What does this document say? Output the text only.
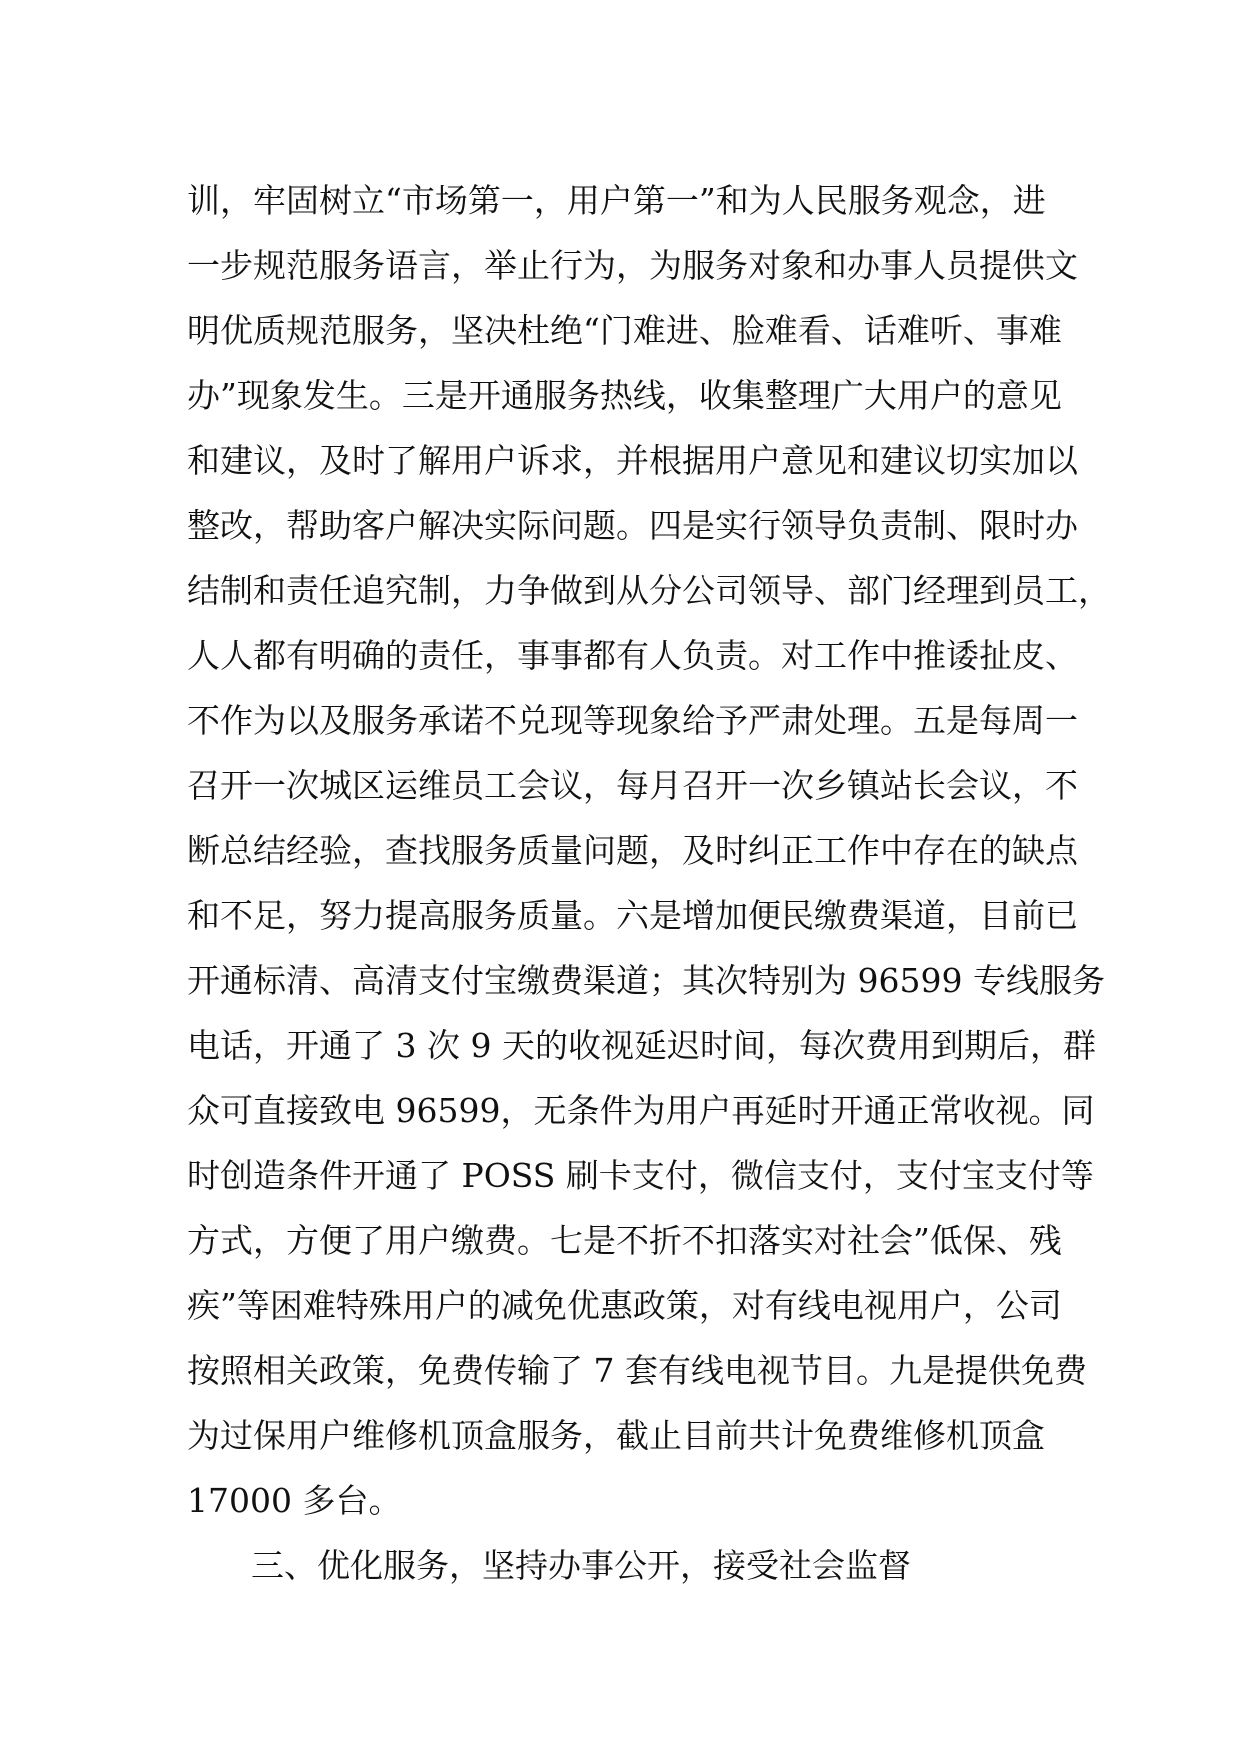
训，牢固树立“市场第一，用户第一”和为人民服务观念，进
一步规范服务语言，举止行为，为服务对象和办事人员提供文
明优质规范服务，坚决杜绝“门难进、脸难看、话难听、事难
办”现象发生。三是开通服务热线，收集整理广大用户的意见
和建议，及时了解用户诉求，并根据用户意见和建议切实加以
整改，帮助客户解决实际问题。四是实行领导负责制、限时办
结制和责任追究制，力争做到从分公司领导、部门经理到员工，
人人都有明确的责任，事事都有人负责。对工作中推诿扯皮、
不作为以及服务承诺不兑现等现象给予严肃处理。五是每周一
召开一次城区运维员工会议，每月召开一次乡镇站长会议，不
断总结经验，查找服务质量问题，及时纠正工作中存在的缺点
和不足，努力提高服务质量。六是增加便民缴费渠道，目前已
开通标清、高清支付宝缴费渠道；其次特别为 96599 专线服务
电话，开通了 3 次 9 天的收视延迟时间，每次费用到期后，群
众可直接致电 96599，无条件为用户再延时开通正常收视。同
时创造条件开通了 POSS 刷卡支付，微信支付，支付宝支付等
方式，方便了用户缴费。七是不折不扣落实对社会”低保、残
疾”等困难特殊用户的减免优惠政策，对有线电视用户，公司
按照相关政策，免费传输了 7 套有线电视节目。九是提供免费
为过保用户维修机顶盒服务，截止目前共计免费维修机顶盒
17000 多台。
三、优化服务，坚持办事公开，接受社会监督
